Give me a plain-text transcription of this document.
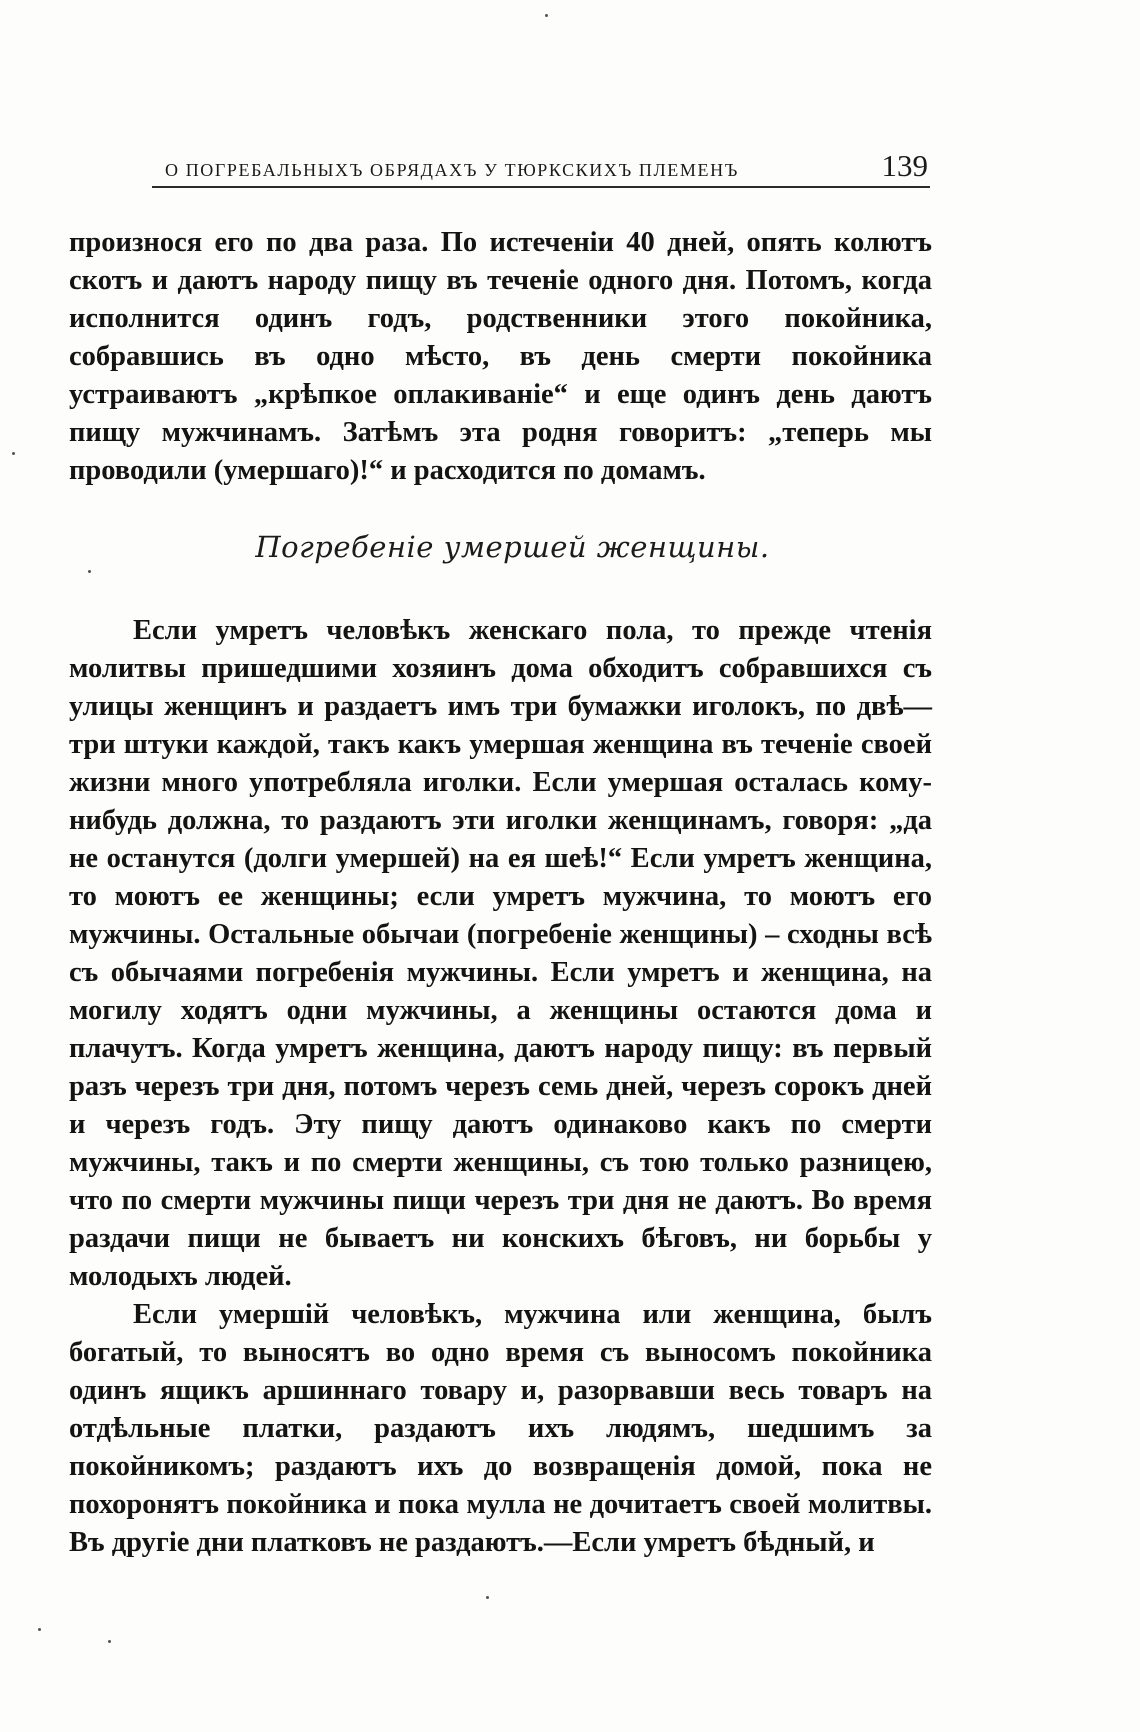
О ПОГРЕБАЛЬНЫХЪ ОБРЯДАХЪ У ТЮРКСКИХЪ ПЛЕМЕНЪ	139

произнося его по два раза. По истеченіи 40 дней, опять колютъ скотъ и даютъ народу пищу въ теченіе одного дня. Потомъ, когда исполнится одинъ годъ, родственники этого покойника, собравшись въ одно мѣсто, въ день смерти покойника устраиваютъ „крѣпкое оплакиваніе“ и еще одинъ день даютъ пищу мужчинамъ. Затѣмъ эта родня говоритъ: „теперь мы проводили (умершаго)!“ и расходится по домамъ.

Погребеніе умершей женщины.

Если умретъ человѣкъ женскаго пола, то прежде чтенія молитвы пришедшими хозяинъ дома обходитъ собравшихся съ улицы женщинъ и раздаетъ имъ три бумажки иголокъ, по двѣ—три штуки каждой, такъ какъ умершая женщина въ теченіе своей жизни много употребляла иголки. Если умершая осталась кому-нибудь должна, то раздаютъ эти иголки женщинамъ, говоря: „да не останутся (долги умершей) на ея шеѣ!“ Если умретъ женщина, то моютъ ее женщины; если умретъ мужчина, то моютъ его мужчины. Остальные обычаи (погребеніе женщины) – сходны всѣ съ обычаями погребенія мужчины. Если умретъ и женщина, на могилу ходятъ одни мужчины, а женщины остаются дома и плачутъ. Когда умретъ женщина, даютъ народу пищу: въ первый разъ черезъ три дня, потомъ черезъ семь дней, черезъ сорокъ дней и черезъ годъ. Эту пищу даютъ одинаково какъ по смерти мужчины, такъ и по смерти женщины, съ тою только разницею, что по смерти мужчины пищи черезъ три дня не даютъ. Во время раздачи пищи не бываетъ ни конскихъ бѣговъ, ни борьбы у молодыхъ людей.

Если умершій человѣкъ, мужчина или женщина, былъ богатый, то выносятъ во одно время съ выносомъ покойника одинъ ящикъ аршиннаго товару и, разорвавши весь товаръ на отдѣльные платки, раздаютъ ихъ людямъ, шедшимъ за покойникомъ; раздаютъ ихъ до возвращенія домой, пока не похоронятъ покойника и пока мулла не дочитаетъ своей молитвы. Въ другіе дни платковъ не раздаютъ.—Если умретъ бѣдный, и
